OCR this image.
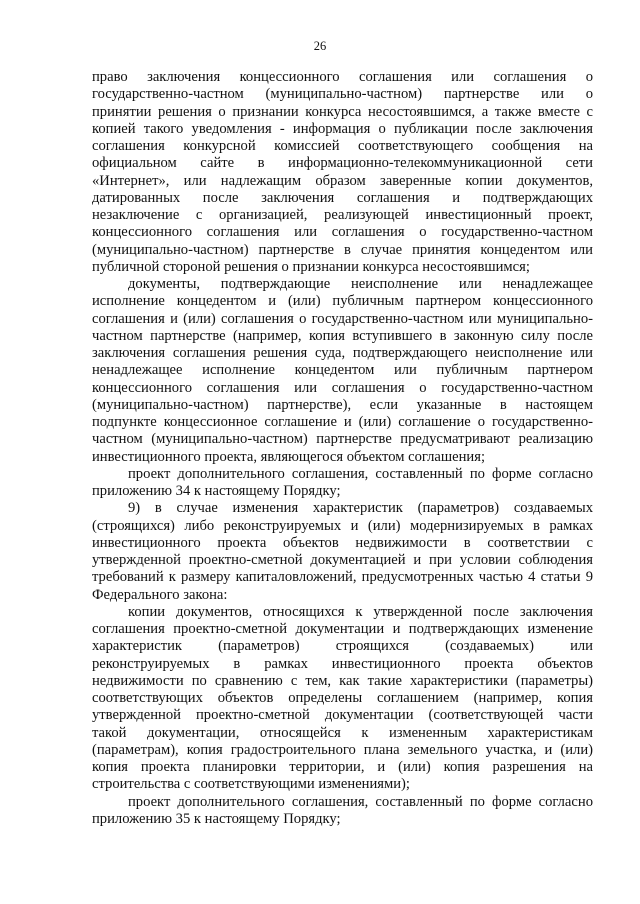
26
право заключения концессионного соглашения или соглашения о
государственно-частном (муниципально-частном) партнерстве или о
принятии решения о признании конкурса несостоявшимся, а также вместе с
копией такого уведомления - информация о публикации после заключения
соглашения конкурсной комиссией соответствующего сообщения на
официальном сайте в информационно-телекоммуникационной сети
«Интернет», или надлежащим образом заверенные копии документов,
датированных после заключения соглашения и подтверждающих
незаключение с организацией, реализующей инвестиционный проект,
концессионного соглашения или соглашения о государственно-частном
(муниципально-частном) партнерстве в случае принятия концедентом или
публичной стороной решения о признании конкурса несостоявшимся;
документы, подтверждающие неисполнение или ненадлежащее
исполнение концедентом и (или) публичным партнером концессионного
соглашения и (или) соглашения о государственно-частном или муниципально-
частном партнерстве (например, копия вступившего в законную силу после
заключения соглашения решения суда, подтверждающего неисполнение или
ненадлежащее исполнение концедентом или публичным партнером
концессионного соглашения или соглашения о государственно-частном
(муниципально-частном) партнерстве), если указанные в настоящем
подпункте концессионное соглашение и (или) соглашение о государственно-
частном (муниципально-частном) партнерстве предусматривают реализацию
инвестиционного проекта, являющегося объектом соглашения;
проект дополнительного соглашения, составленный по форме согласно
приложению 34 к настоящему Порядку;
9) в случае изменения характеристик (параметров) создаваемых
(строящихся) либо реконструируемых и (или) модернизируемых в рамках
инвестиционного проекта объектов недвижимости в соответствии с
утвержденной проектно-сметной документацией и при условии соблюдения
требований к размеру капиталовложений, предусмотренных частью 4 статьи 9
Федерального закона:
копии документов, относящихся к утвержденной после заключения
соглашения проектно-сметной документации и подтверждающих изменение
характеристик (параметров) строящихся (создаваемых) или
реконструируемых в рамках инвестиционного проекта объектов
недвижимости по сравнению с тем, как такие характеристики (параметры)
соответствующих объектов определены соглашением (например, копия
утвержденной проектно-сметной документации (соответствующей части
такой документации, относящейся к измененным характеристикам
(параметрам), копия градостроительного плана земельного участка, и (или)
копия проекта планировки территории, и (или) копия разрешения на
строительства с соответствующими изменениями);
проект дополнительного соглашения, составленный по форме согласно
приложению 35 к настоящему Порядку;
